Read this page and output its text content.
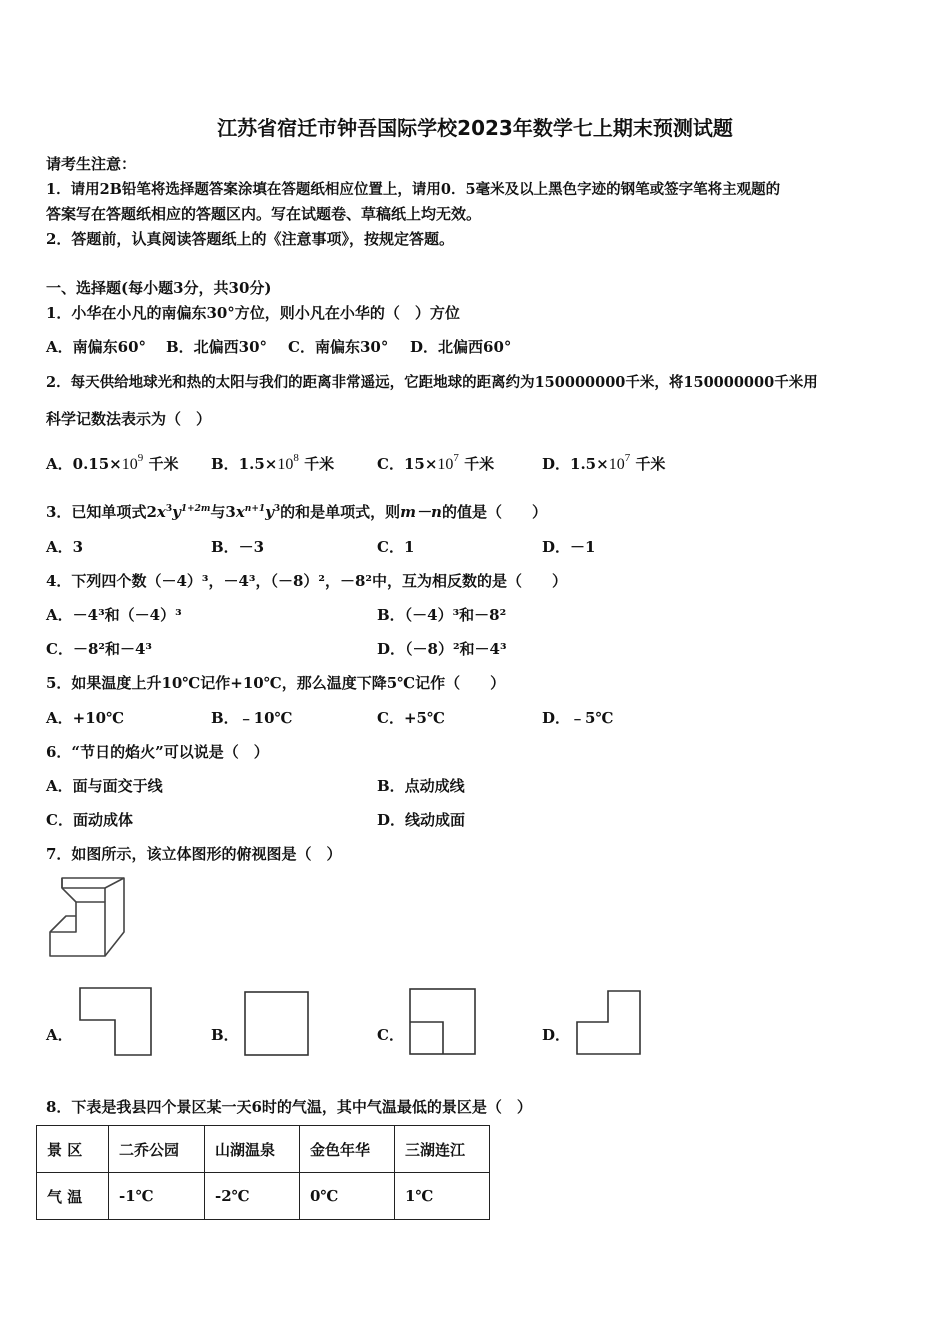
江苏省宿迁市钟吾国际学校2023年数学七上期末预测试题
请考生注意：
1．请用2B铅笔将选择题答案涂填在答题纸相应位置上，请用0．5毫米及以上黑色字迹的钢笔或签字笔将主观题的
答案写在答题纸相应的答题区内。写在试题卷、草稿纸上均无效。
2．答题前，认真阅读答题纸上的《注意事项》，按规定答题。
一、选择题(每小题3分，共30分)
1．小华在小凡的南偏东30°方位，则小凡在小华的（　）方位
A．南偏东60° B．北偏西30° C．南偏东30° D．北偏西60°
2．每天供给地球光和热的太阳与我们的距离非常遥远，它距地球的距离约为150000000千米，将150000000千米用
科学记数法表示为（　）
A．$0.15\times 10^9$ 千米 B．$1.5\times 10^8$ 千米	C．$15\times 10^7$ 千米	D．$1.5\times 10^7$ 千米
3．已知单项式$2x^3y^{1+2m}$与$3x^{n+1}y^3$的和是单项式，则m－n的值是（　　）
A．3	B．－3	C．1	D．－1
4．下列四个数（－4）³，－4³，（－8）²，－8²中，互为相反数的是（　　）
A．－4³和（－4）³	B．（－4）³和－8²
C．－8²和－4³	D．（－8）²和－4³
5．如果温度上升10℃记作+10℃，那么温度下降5℃记作（　　）
A．+10℃	B．﹣10℃	C．+5℃	D．﹣5℃
6．“节日的焰火”可以说是（　）
A．面与面交于线	B．点动成线
C．面动成体	D．线动成面
7．如图所示，该立体图形的俯视图是（　）
A．	B．	C．	D．
8．下表是我县四个景区某一天6时的气温，其中气温最低的景区是（　）
景 区	二乔公园	山湖温泉	金色年华	三湖连江
气 温	-1℃	-2℃	0℃	1℃
